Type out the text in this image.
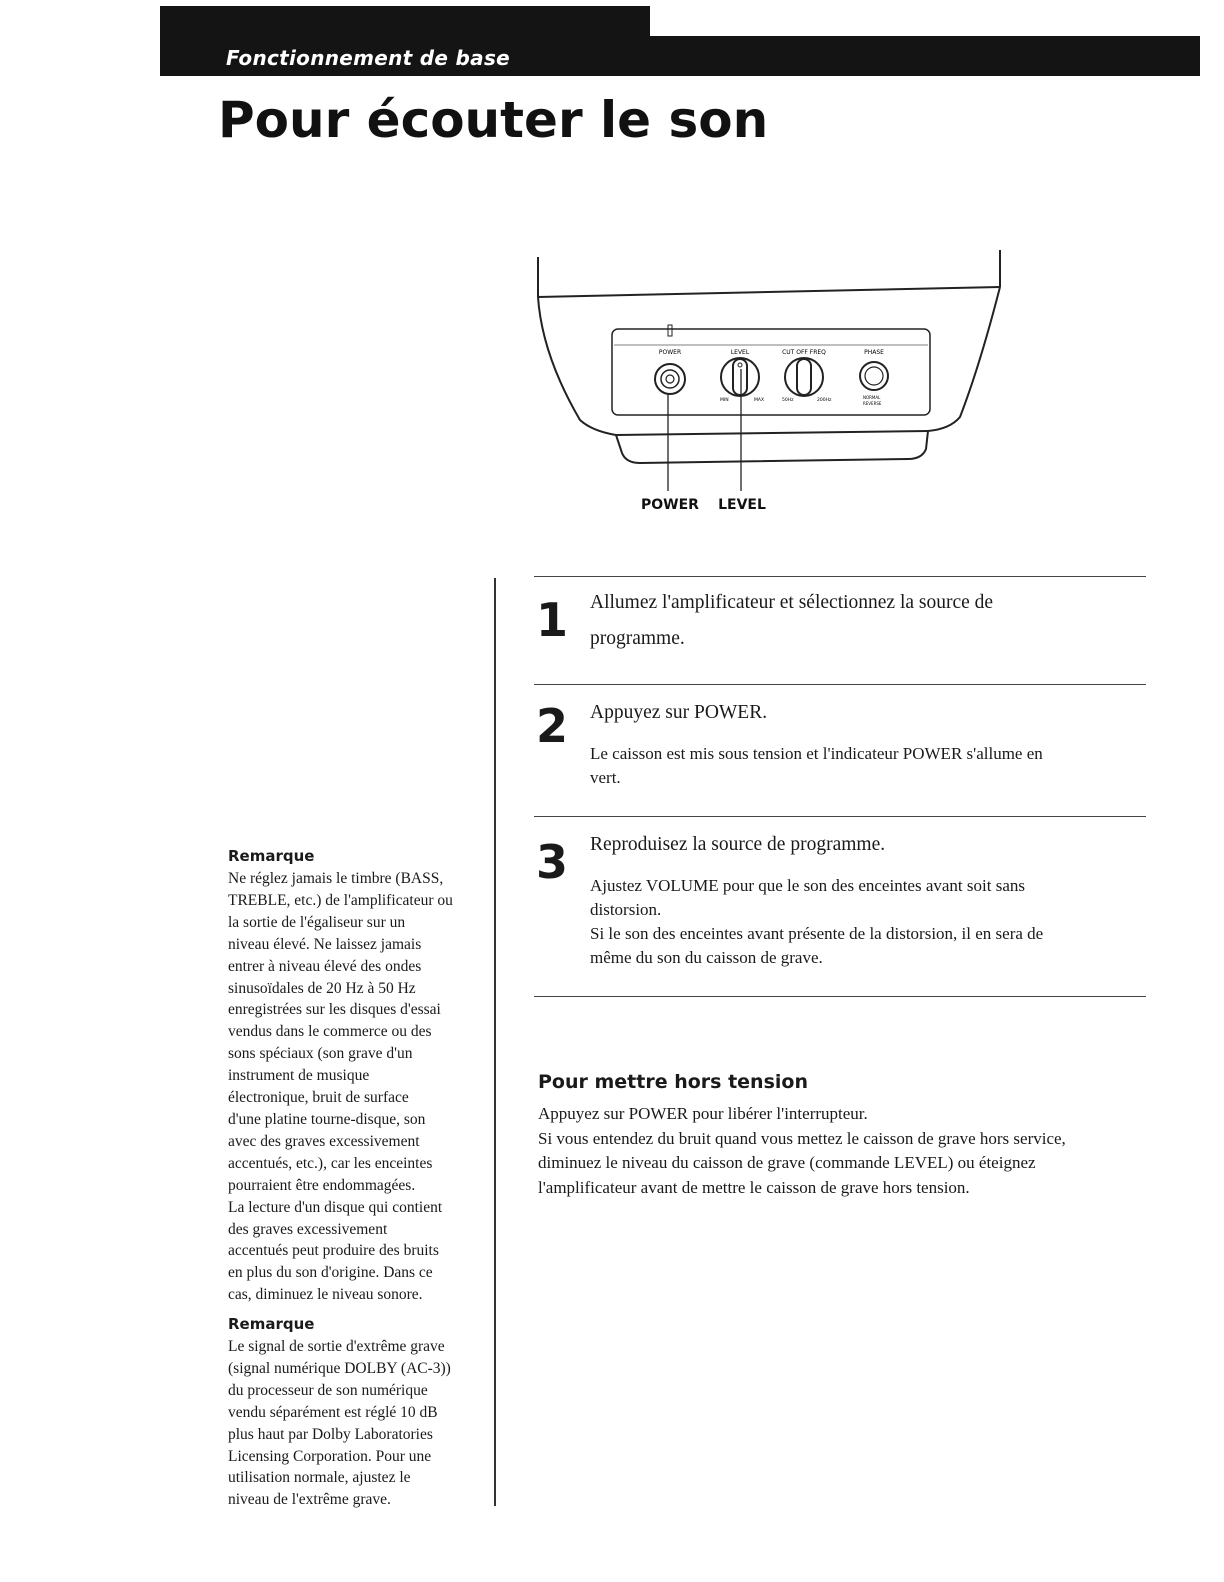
Fonctionnement de base
Pour écouter le son
POWER	LEVEL	CUT OFF FREQ	PHASE
MIN	MAX	50Hz	200Hz
NORMAL
REVERSE
POWER LEVEL

Remarque

Ne réglez jamais le timbre (BASS,
TREBLE, etc.) de l'amplificateur ou
la sortie de l'égaliseur sur un
niveau élevé. Ne laissez jamais
entrer à niveau élevé des ondes
sinusoïdales de 20 Hz à 50 Hz
enregistrées sur les disques d'essai
vendus dans le commerce ou des
sons spéciaux (son grave d'un
instrument de musique
électronique, bruit de surface
d'une platine tourne-disque, son
avec des graves excessivement
accentués, etc.), car les enceintes
pourraient être endommagées.
La lecture d'un disque qui contient
des graves excessivement
accentués peut produire des bruits
en plus du son d'origine. Dans ce
cas, diminuez le niveau sonore.

Remarque

Le signal de sortie d'extrême grave
(signal numérique DOLBY (AC-3))
du processeur de son numérique
vendu séparément est réglé 10 dB
plus haut par Dolby Laboratories
Licensing Corporation. Pour une
utilisation normale, ajustez le
niveau de l'extrême grave.

1 Allumez l'amplificateur et sélectionnez la source de programme.

2 Appuyez sur POWER.

Le caisson est mis sous tension et l'indicateur POWER s'allume en
vert.

3 Reproduisez la source de programme.

Ajustez VOLUME pour que le son des enceintes avant soit sans
distorsion.
Si le son des enceintes avant présente de la distorsion, il en sera de
même du son du caisson de grave.

Pour mettre hors tension

Appuyez sur POWER pour libérer l'interrupteur.
Si vous entendez du bruit quand vous mettez le caisson de grave hors service,
diminuez le niveau du caisson de grave (commande LEVEL) ou éteignez
l'amplificateur avant de mettre le caisson de grave hors tension.
